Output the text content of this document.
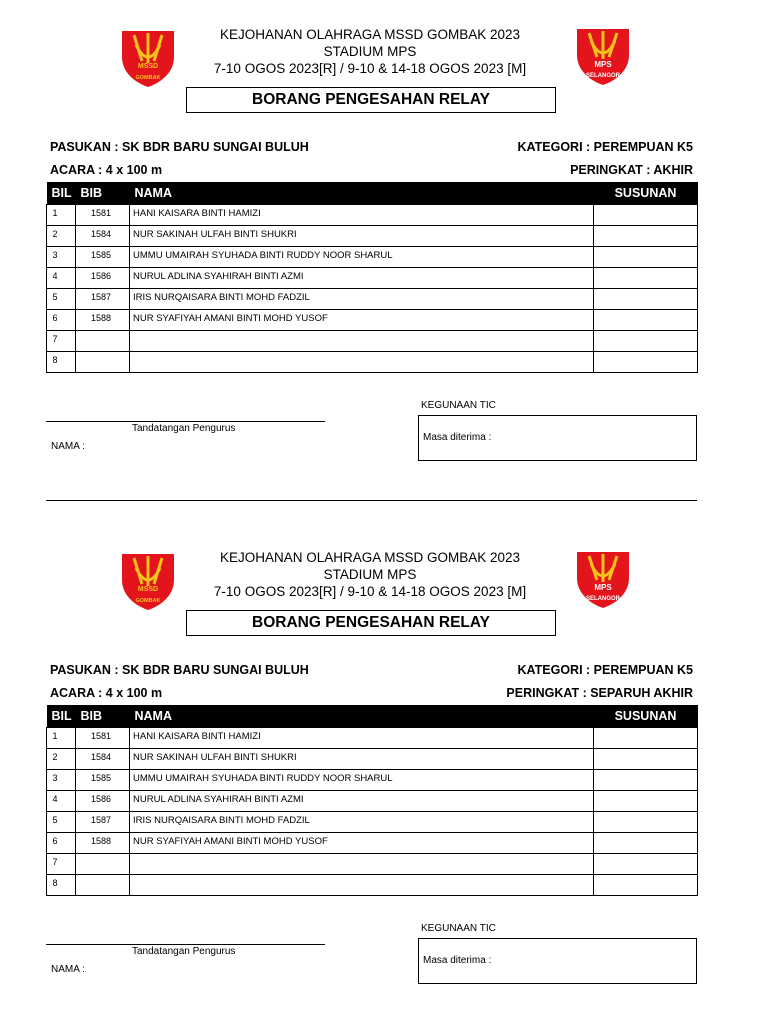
MSSD
GOMBAK
MPS
SELANGOR
KEJOHANAN OLAHRAGA MSSD GOMBAK 2023
STADIUM MPS
7-10 OGOS 2023[R] / 9-10 & 14-18 OGOS 2023 [M]
BORANG PENGESAHAN RELAY
PASUKAN : SK BDR BARU SUNGAI BULUH	KATEGORI : PEREMPUAN K5
ACARA : 4 x 100 m	PERINGKAT : AKHIR
BIL	BIB	NAMA	SUSUNAN
1	1581	HANI KAISARA BINTI HAMIZI	
2	1584	NUR SAKINAH ULFAH BINTI SHUKRI	
3	1585	UMMU UMAIRAH SYUHADA BINTI RUDDY NOOR SHARUL	
4	1586	NURUL ADLINA SYAHIRAH BINTI AZMI	
5	1587	IRIS NURQAISARA BINTI MOHD FADZIL	
6	1588	NUR SYAFIYAH AMANI BINTI MOHD YUSOF	
7			
8			
Tandatangan Pengurus
NAMA :
KEGUNAAN TIC
Masa diterima :
MSSD
GOMBAK
MPS
SELANGOR
KEJOHANAN OLAHRAGA MSSD GOMBAK 2023
STADIUM MPS
7-10 OGOS 2023[R] / 9-10 & 14-18 OGOS 2023 [M]
BORANG PENGESAHAN RELAY
PASUKAN : SK BDR BARU SUNGAI BULUH	KATEGORI : PEREMPUAN K5
ACARA : 4 x 100 m	PERINGKAT : SEPARUH AKHIR
BIL	BIB	NAMA	SUSUNAN
1	1581	HANI KAISARA BINTI HAMIZI	
2	1584	NUR SAKINAH ULFAH BINTI SHUKRI	
3	1585	UMMU UMAIRAH SYUHADA BINTI RUDDY NOOR SHARUL	
4	1586	NURUL ADLINA SYAHIRAH BINTI AZMI	
5	1587	IRIS NURQAISARA BINTI MOHD FADZIL	
6	1588	NUR SYAFIYAH AMANI BINTI MOHD YUSOF	
7			
8			
Tandatangan Pengurus
NAMA :
KEGUNAAN TIC
Masa diterima :
